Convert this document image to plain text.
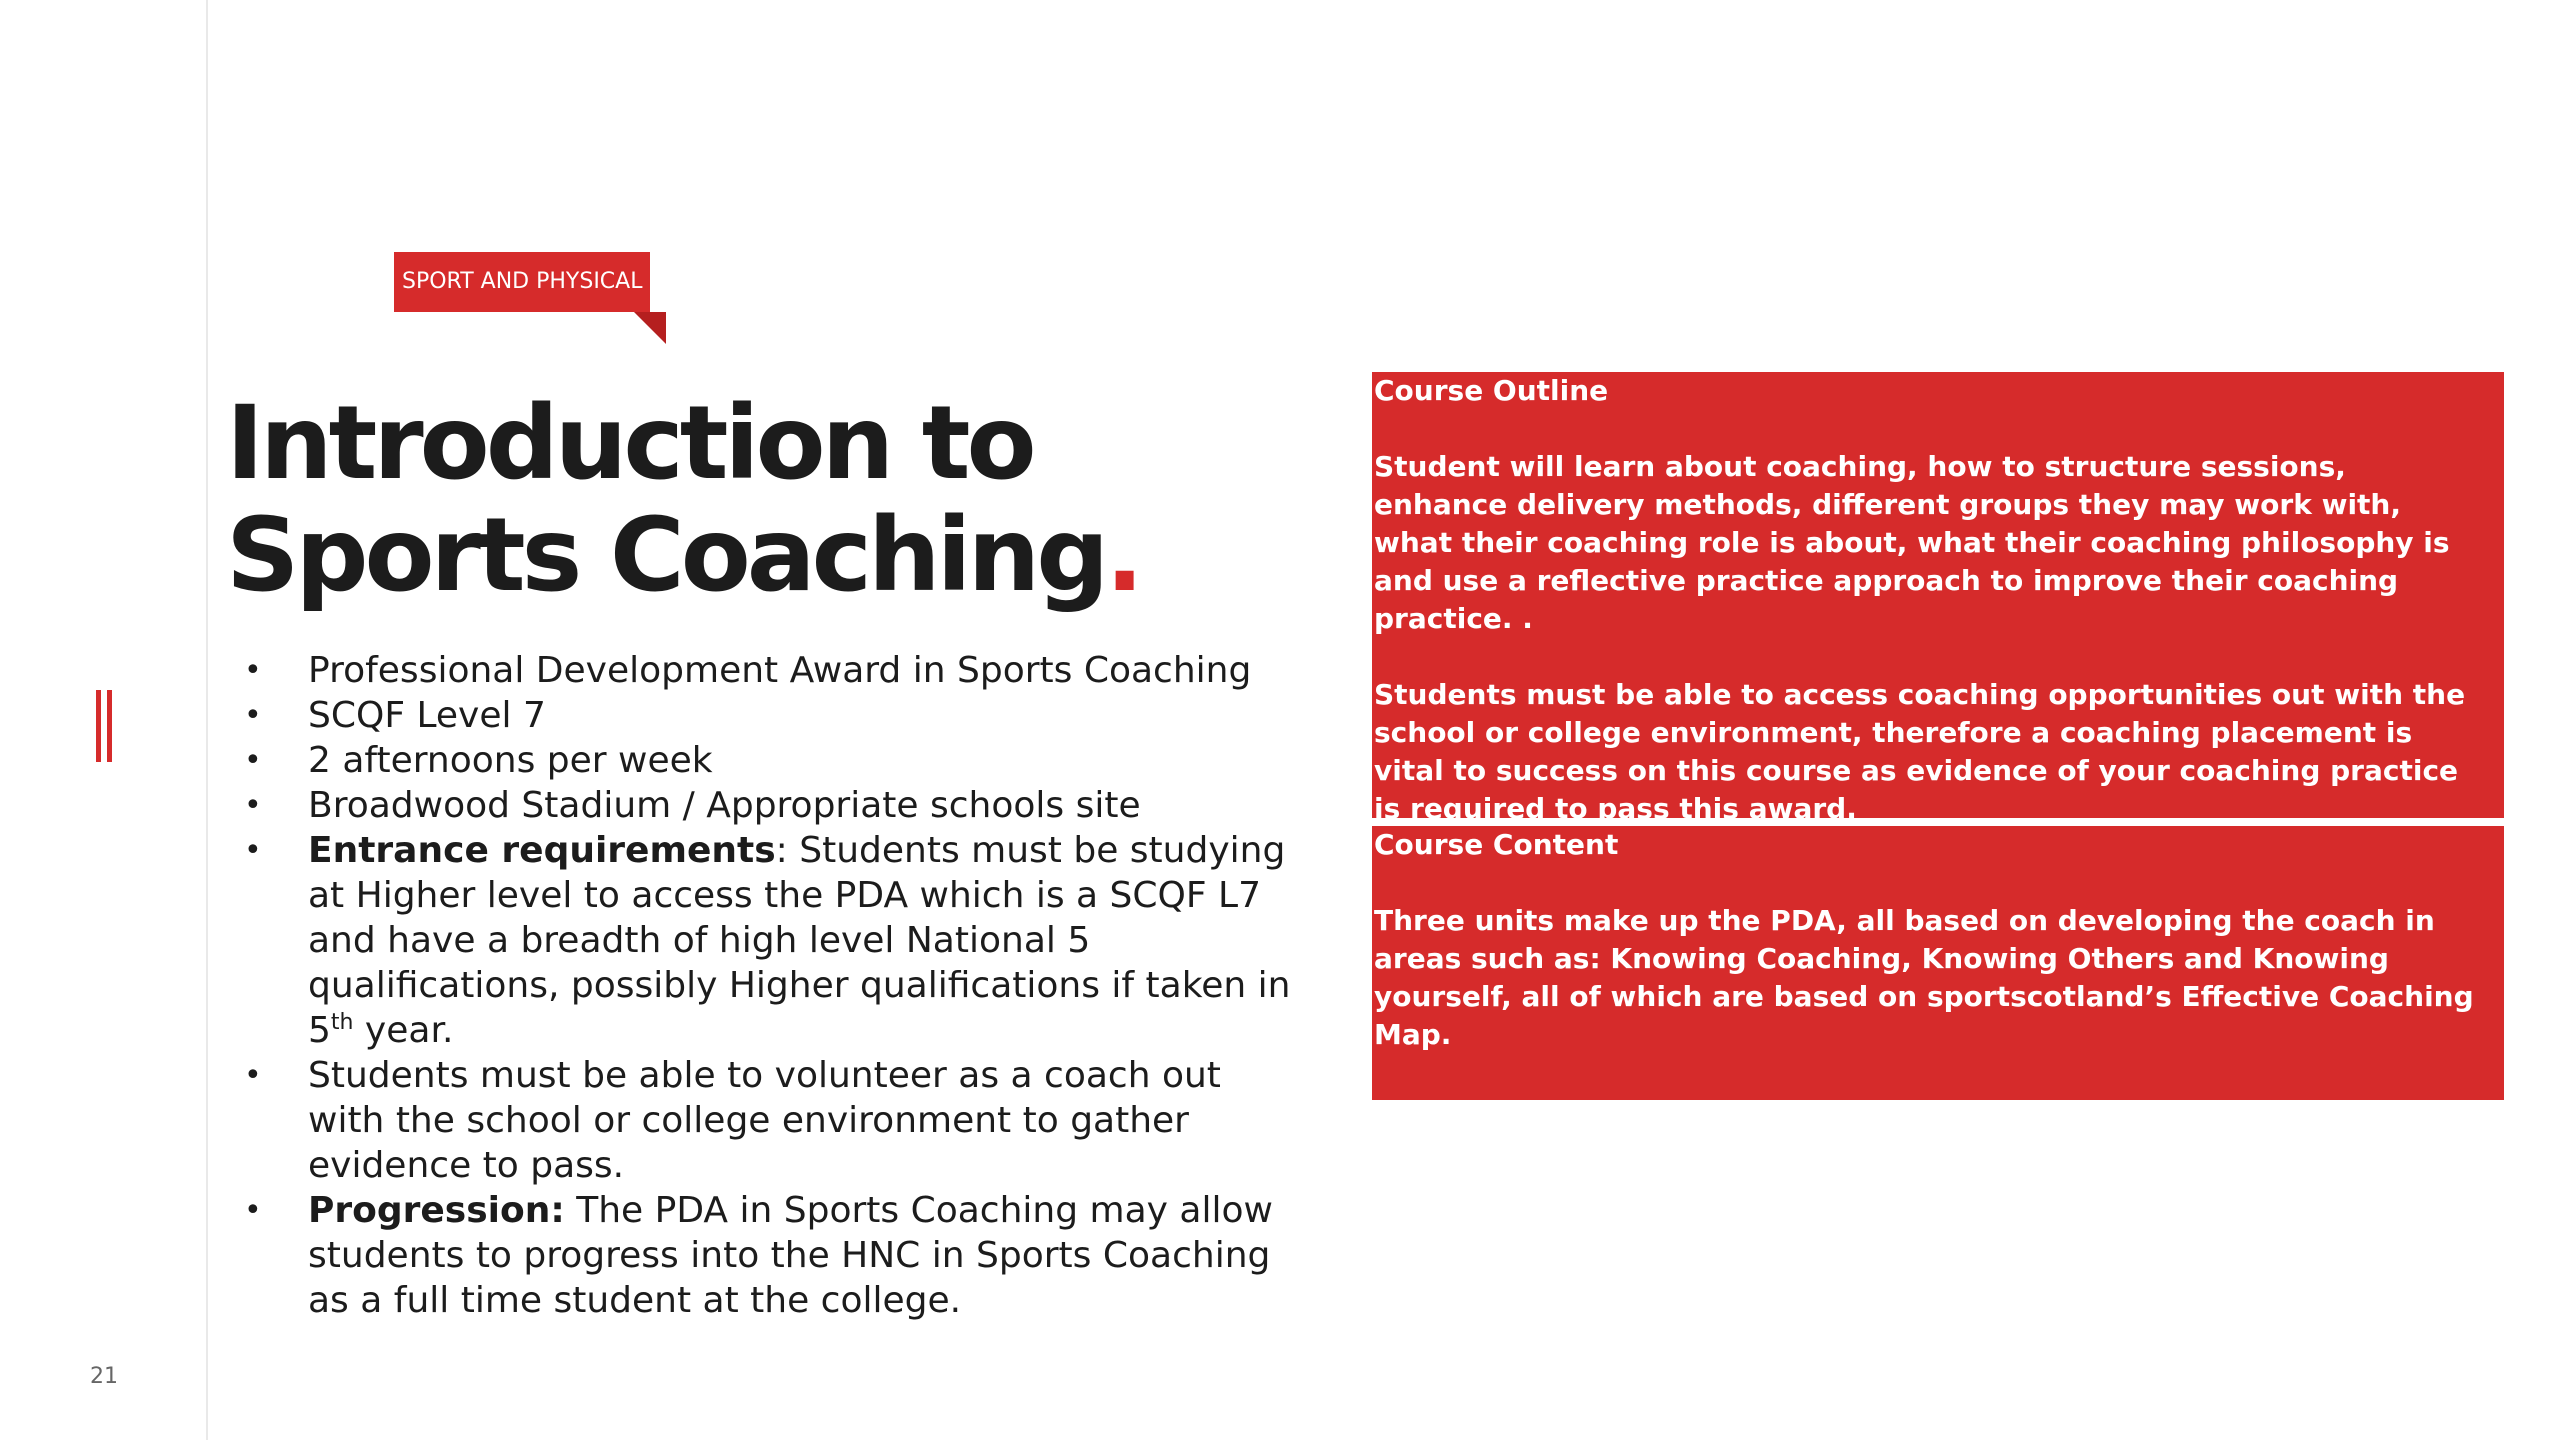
21
SPORT AND PHYSICAL
Introduction to
Sports Coaching.
• Professional Development Award in Sports Coaching
• SCQF Level 7
• 2 afternoons per week
• Broadwood Stadium / Appropriate schools site
• Entrance requirements: Students must be studying at Higher level to access the PDA which is a SCQF L7 and have a breadth of high level National 5 qualifications, possibly Higher qualifications if taken in 5th year.
• Students must be able to volunteer as a coach out with the school or college environment to gather evidence to pass.
• Progression: The PDA in Sports Coaching may allow students to progress into the HNC in Sports Coaching as a full time student at the college.

Course Outline

Student will learn about coaching, how to structure sessions, enhance delivery methods, different groups they may work with, what their coaching role is about, what their coaching philosophy is and use a reflective practice approach to improve their coaching practice. .

Students must be able to access coaching opportunities out with the school or college environment, therefore a coaching placement is vital to success on this course as evidence of your coaching practice is required to pass this award.

Course Content

Three units make up the PDA, all based on developing the coach in areas such as: Knowing Coaching, Knowing Others and Knowing yourself, all of which are based on sportscotland’s Effective Coaching Map.
